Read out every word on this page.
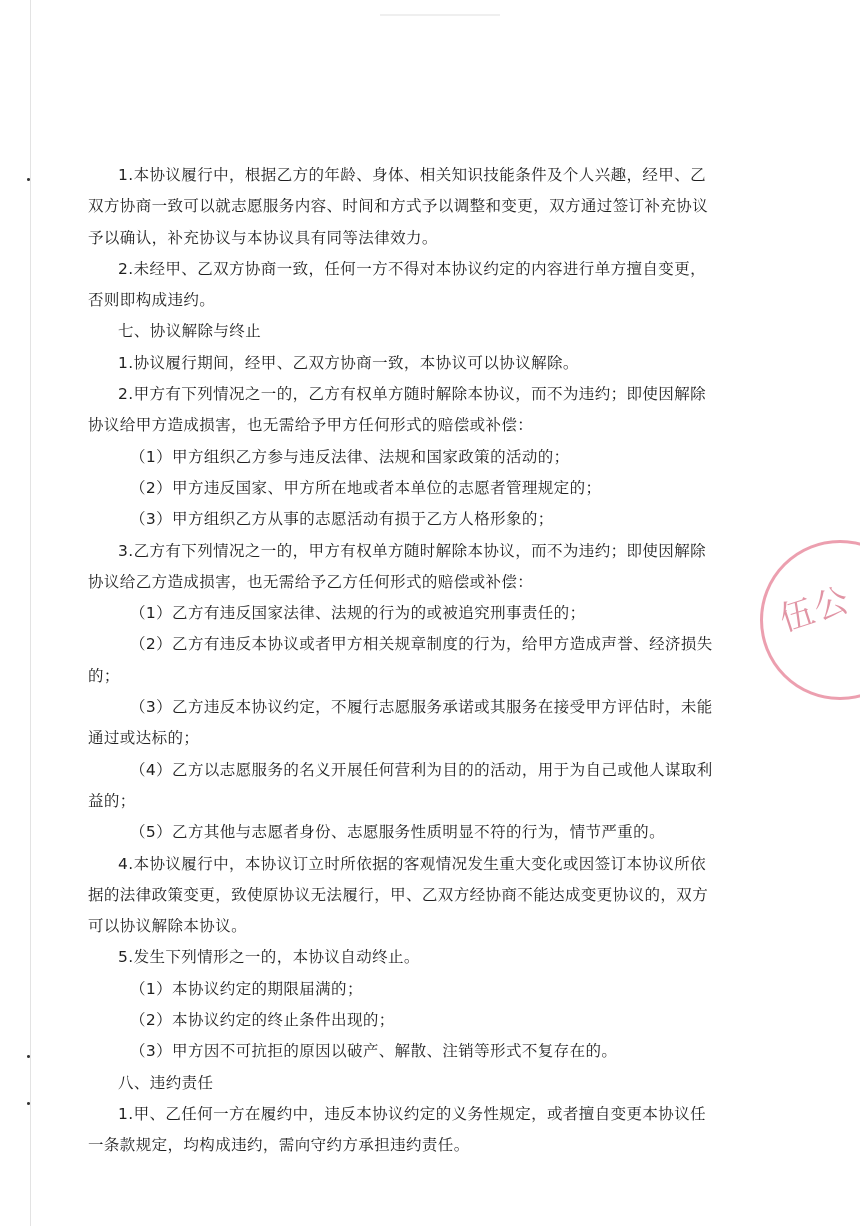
1.本协议履行中，根据乙方的年龄、身体、相关知识技能条件及个人兴趣，经甲、乙
双方协商一致可以就志愿服务内容、时间和方式予以调整和变更，双方通过签订补充协议
予以确认，补充协议与本协议具有同等法律效力。
2.未经甲、乙双方协商一致，任何一方不得对本协议约定的内容进行单方擅自变更，
否则即构成违约。
七、协议解除与终止
1.协议履行期间，经甲、乙双方协商一致，本协议可以协议解除。
2.甲方有下列情况之一的，乙方有权单方随时解除本协议，而不为违约；即使因解除
协议给甲方造成损害，也无需给予甲方任何形式的赔偿或补偿：
（1）甲方组织乙方参与违反法律、法规和国家政策的活动的；
（2）甲方违反国家、甲方所在地或者本单位的志愿者管理规定的；
（3）甲方组织乙方从事的志愿活动有损于乙方人格形象的；
3.乙方有下列情况之一的，甲方有权单方随时解除本协议，而不为违约；即使因解除
协议给乙方造成损害，也无需给予乙方任何形式的赔偿或补偿：
（1）乙方有违反国家法律、法规的行为的或被追究刑事责任的；
（2）乙方有违反本协议或者甲方相关规章制度的行为，给甲方造成声誉、经济损失
的；
（3）乙方违反本协议约定，不履行志愿服务承诺或其服务在接受甲方评估时，未能
通过或达标的；
（4）乙方以志愿服务的名义开展任何营利为目的的活动，用于为自己或他人谋取利
益的；
（5）乙方其他与志愿者身份、志愿服务性质明显不符的行为，情节严重的。
4.本协议履行中，本协议订立时所依据的客观情况发生重大变化或因签订本协议所依
据的法律政策变更，致使原协议无法履行，甲、乙双方经协商不能达成变更协议的，双方
可以协议解除本协议。
5.发生下列情形之一的，本协议自动终止。
（1）本协议约定的期限届满的；
（2）本协议约定的终止条件出现的；
（3）甲方因不可抗拒的原因以破产、解散、注销等形式不复存在的。
八、违约责任
1.甲、乙任何一方在履约中，违反本协议约定的义务性规定，或者擅自变更本协议任
一条款规定，均构成违约，需向守约方承担违约责任。
伍公
